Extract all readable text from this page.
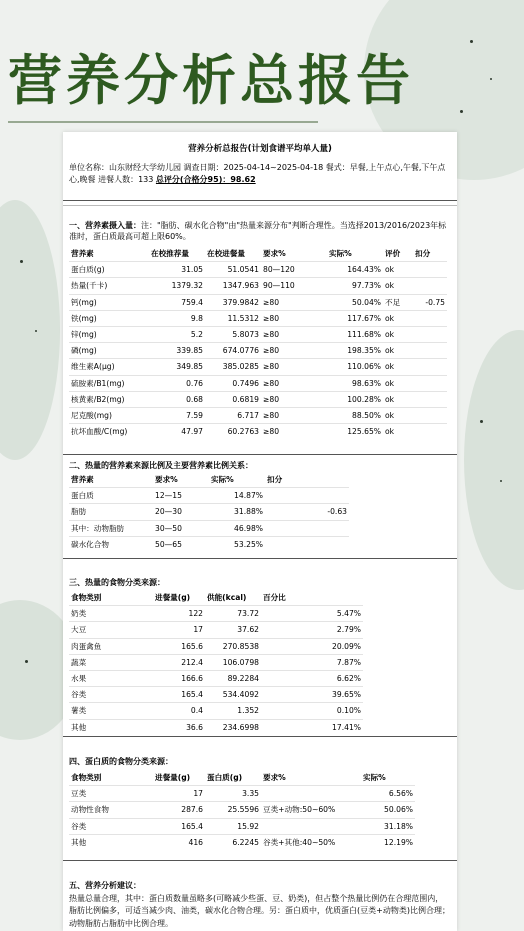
营养分析总报告
营养分析总报告(计划食谱平均单人量)
单位名称：山东财经大学幼儿园 调查日期：2025-04-14~2025-04-18 餐式：早餐,上午点心,午餐,下午点心,晚餐 进餐人数：133 总评分(合格分95)：98.62
一、营养素摄入量：注："脂肪、碳水化合物"由"热量来源分布"判断合理性。当选择2013/2016/2023年标准时，蛋白质最高可超上限60%。
营养素	在校推荐量	在校进餐量	要求%	实际%	评价	扣分
蛋白质(g)	31.05	51.0541	80—120	164.43%	ok	
热量(千卡)	1379.32	1347.963	90—110	97.73%	ok	
钙(mg)	759.4	379.9842	≥80	50.04%	不足	-0.75
铁(mg)	9.8	11.5312	≥80	117.67%	ok	
锌(mg)	5.2	5.8073	≥80	111.68%	ok	
磷(mg)	339.85	674.0776	≥80	198.35%	ok	
维生素A(μg)	349.85	385.0285	≥80	110.06%	ok	
硫胺素/B1(mg)	0.76	0.7496	≥80	98.63%	ok	
核黄素/B2(mg)	0.68	0.6819	≥80	100.28%	ok	
尼克酸(mg)	7.59	6.717	≥80	88.50%	ok	
抗坏血酸/C(mg)	47.97	60.2763	≥80	125.65%	ok	
二、热量的营养素来源比例及主要营养素比例关系：
营养素	要求%	实际%	扣分
蛋白质	12—15	14.87%	
脂肪	20—30	31.88%	-0.63
其中：动物脂肪	30—50	46.98%	
碳水化合物	50—65	53.25%	
三、热量的食物分类来源：
食物类别	进餐量(g)	供能(kcal)	百分比
奶类	122	73.72	5.47%
大豆	17	37.62	2.79%
肉蛋禽鱼	165.6	270.8538	20.09%
蔬菜	212.4	106.0798	7.87%
水果	166.6	89.2284	6.62%
谷类	165.4	534.4092	39.65%
薯类	0.4	1.352	0.10%
其他	36.6	234.6998	17.41%
四、蛋白质的食物分类来源：
食物类别	进餐量(g)	蛋白质(g)	要求%	实际%
豆类	17	3.35		6.56%
动物性食物	287.6	25.5596	豆类+动物:50~60%	50.06%
谷类	165.4	15.92		31.18%
其他	416	6.2245	谷类+其他:40~50%	12.19%
五、营养分析建议：
热量总量合理，其中：蛋白质数量虽略多(可略减少些蛋、豆、奶类)，但占整个热量比例仍在合理范围内，脂肪比例偏多，可适当减少肉、油类，碳水化合物合理。另：蛋白质中，优质蛋白(豆类+动物类)比例合理；动物脂肪占脂肪中比例合理。
